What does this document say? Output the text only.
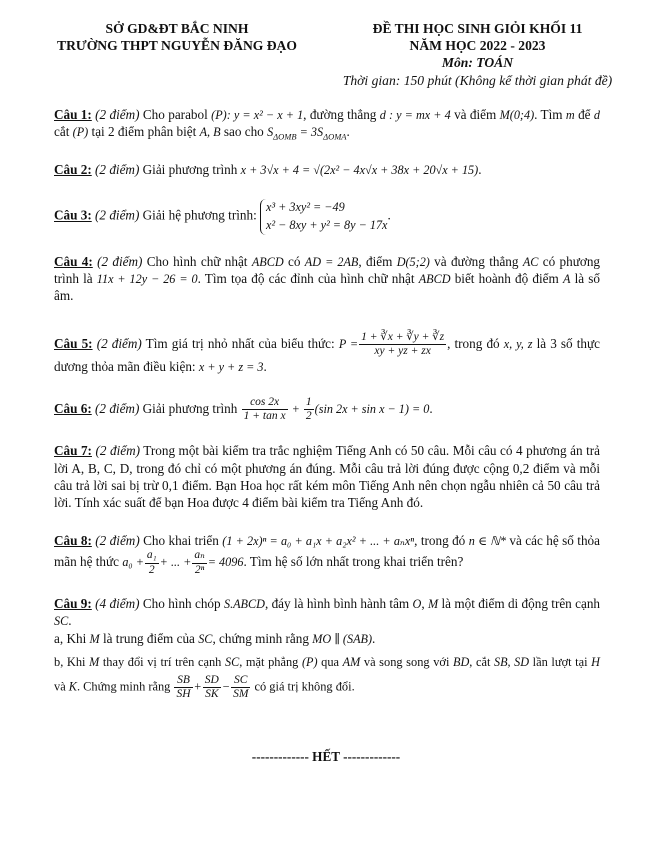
SỞ GD&ĐT BẮC NINH
TRƯỜNG THPT NGUYỄN ĐĂNG ĐẠO
ĐỀ THI HỌC SINH GIỎI KHỐI 11
NĂM HỌC 2022 - 2023
Môn: TOÁN
Thời gian: 150 phút (Không kể thời gian phát đề)

Câu 1: (2 điểm) Cho parabol (P): y = x² − x + 1, đường thẳng d : y = mx + 4 và điểm M(0;4). Tìm m để d cắt (P) tại 2 điểm phân biệt A, B sao cho $S_{\Delta OMB} = 3S_{\Delta OMA}$.

Câu 2: (2 điểm) Giải phương trình x + 3√x + 4 = √(2x² − 4x√x + 38x + 20√x + 15).

Câu 3: (2 điểm) Giải hệ phương trình:
x³ + 3xy² = −49
x² − 8xy + y² = 8y − 17x
.

Câu 4: (2 điểm) Cho hình chữ nhật ABCD có AD = 2AB, điểm D(5;2) và đường thẳng AC có phương trình là 11x + 12y − 26 = 0. Tìm tọa độ các đỉnh của hình chữ nhật ABCD biết hoành độ điểm A là số âm.

Câu 5: (2 điểm) Tìm giá trị nhỏ nhất của biểu thức: $P = \frac{1 + ∛x + ∛y + ∛z}{xy + yz + zx}$ , trong đó x, y, z là 3 số thực dương thỏa mãn điều kiện: x + y + z = 3.

Câu 6: (2 điểm) Giải phương trình $\frac{\cos 2x}{\text{1 + tan x}} + \frac{1}{2} (\sin$ 2x + sin x − 1) = 0.

Câu 7: (2 điểm) Trong một bài kiểm tra trắc nghiệm Tiếng Anh có 50 câu. Mỗi câu có 4 phương án trả lời A, B, C, D, trong đó chỉ có một phương án đúng. Mỗi câu trả lời đúng được cộng 0,2 điểm và mỗi câu trả lời sai bị trừ 0,1 điểm. Bạn Hoa học rất kém môn Tiếng Anh nên chọn ngẫu nhiên cả 50 câu trả lời. Tính xác suất để bạn Hoa được 4 điểm bài kiểm tra Tiếng Anh đó.

Câu 8: (2 điểm) Cho khai triển (1 + 2x)ⁿ = a₀ + a₁x + a₂x² + ... + aₙxⁿ, trong đó n ∈ ℕ* và các hệ số thỏa mãn hệ thức $a_0 + \frac{\text{a₁}}{2}$ + ... + $\frac{\text{aₙ}}{\text{2ⁿ}} = 4096$. Tìm hệ số lớn nhất trong khai triển trên?

Câu 9: (4 điểm) Cho hình chóp S.ABCD, đáy là hình bình hành tâm O, M là một điểm di động trên cạnh SC.

a, Khi M là trung điểm của SC, chứng minh rằng MO ∥ (SAB).

b, Khi M thay đổi vị trí trên cạnh SC, mặt phẳng (P) qua AM và song song với BD, cắt SB, SD lần lượt tại H và K. Chứng minh rằng $\frac{SB}{SH} + \frac{SD}{SK} - \frac{SC}{SM}$ có giá trị không đổi.

------------- HẾT -------------
